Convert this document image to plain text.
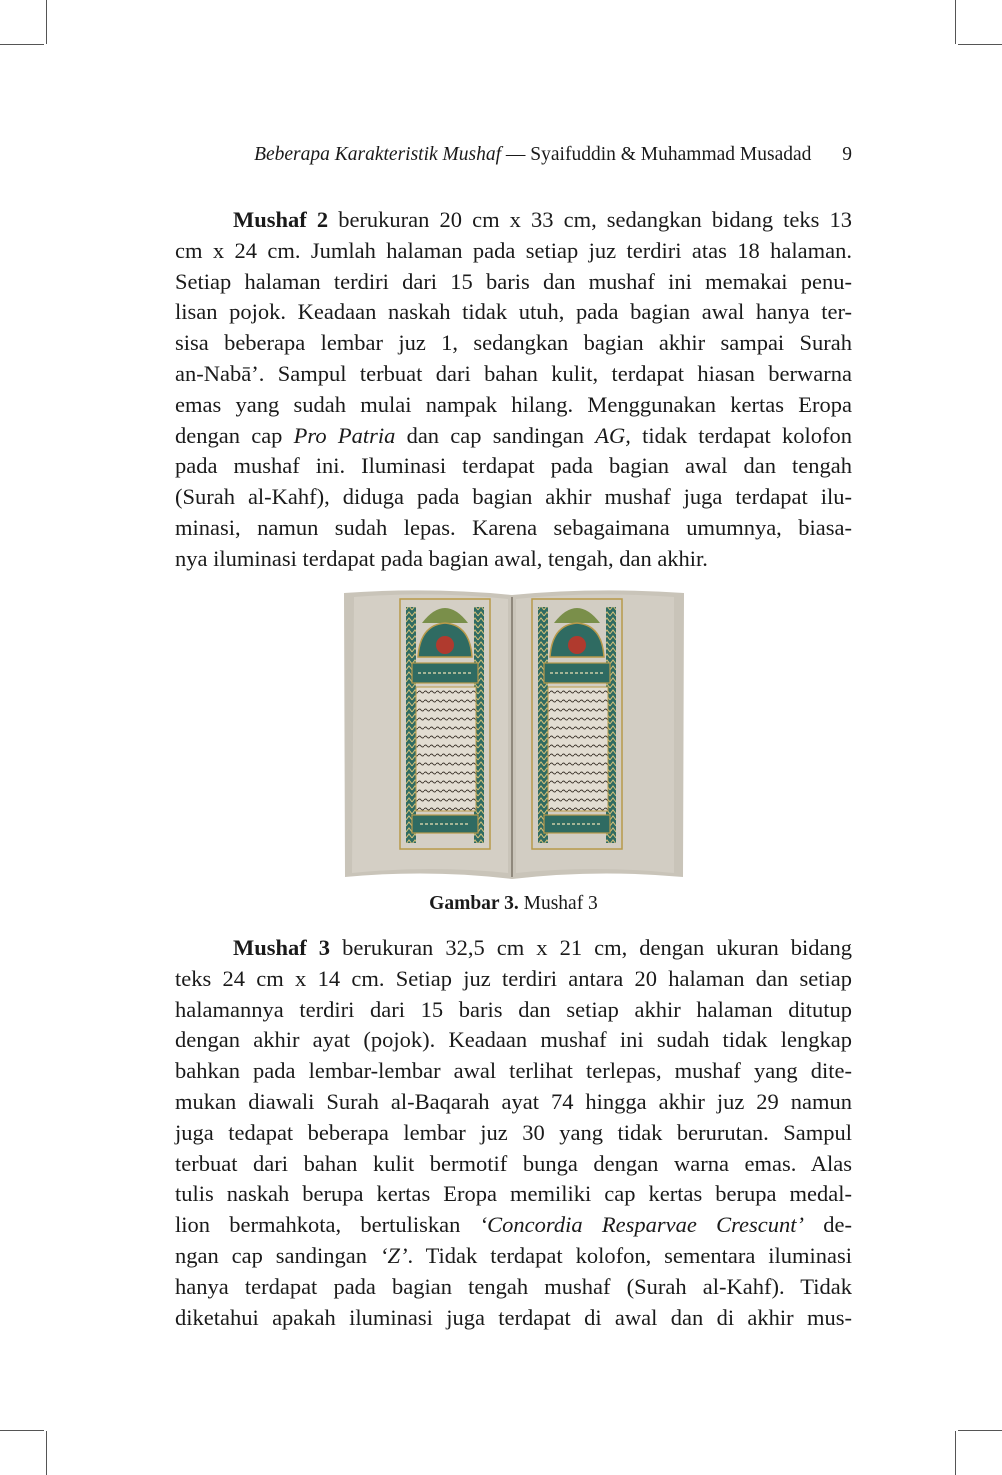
Beberapa Karakteristik Mushaf — Syaifuddin & Muhammad Musadad 9
Mushaf 2 berukuran 20 cm x 33 cm, sedangkan bidang teks 13
cm x 24 cm. Jumlah halaman pada setiap juz terdiri atas 18 halaman.
Setiap halaman terdiri dari 15 baris dan mushaf ini memakai penu-
lisan pojok. Keadaan naskah tidak utuh, pada bagian awal hanya ter-
sisa beberapa lembar juz 1, sedangkan bagian akhir sampai Surah
an-Nabā’. Sampul terbuat dari bahan kulit, terdapat hiasan berwarna
emas yang sudah mulai nampak hilang. Menggunakan kertas Eropa
dengan cap Pro Patria dan cap sandingan AG, tidak terdapat kolofon
pada mushaf ini. Iluminasi terdapat pada bagian awal dan tengah
(Surah al-Kahf), diduga pada bagian akhir mushaf juga terdapat ilu-
minasi, namun sudah lepas. Karena sebagaimana umumnya, biasa-
nya iluminasi terdapat pada bagian awal, tengah, dan akhir.
Gambar 3. Mushaf 3
Mushaf 3 berukuran 32,5 cm x 21 cm, dengan ukuran bidang
teks 24 cm x 14 cm. Setiap juz terdiri antara 20 halaman dan setiap
halamannya terdiri dari 15 baris dan setiap akhir halaman ditutup
dengan akhir ayat (pojok). Keadaan mushaf ini sudah tidak lengkap
bahkan pada lembar-lembar awal terlihat terlepas, mushaf yang dite-
mukan diawali Surah al-Baqarah ayat 74 hingga akhir juz 29 namun
juga tedapat beberapa lembar juz 30 yang tidak berurutan. Sampul
terbuat dari bahan kulit bermotif bunga dengan warna emas. Alas
tulis naskah berupa kertas Eropa memiliki cap kertas berupa medal-
lion bermahkota, bertuliskan ‘Concordia Resparvae Crescunt’ de-
ngan cap sandingan ‘Z’. Tidak terdapat kolofon, sementara iluminasi
hanya terdapat pada bagian tengah mushaf (Surah al-Kahf). Tidak
diketahui apakah iluminasi juga terdapat di awal dan di akhir mus-
